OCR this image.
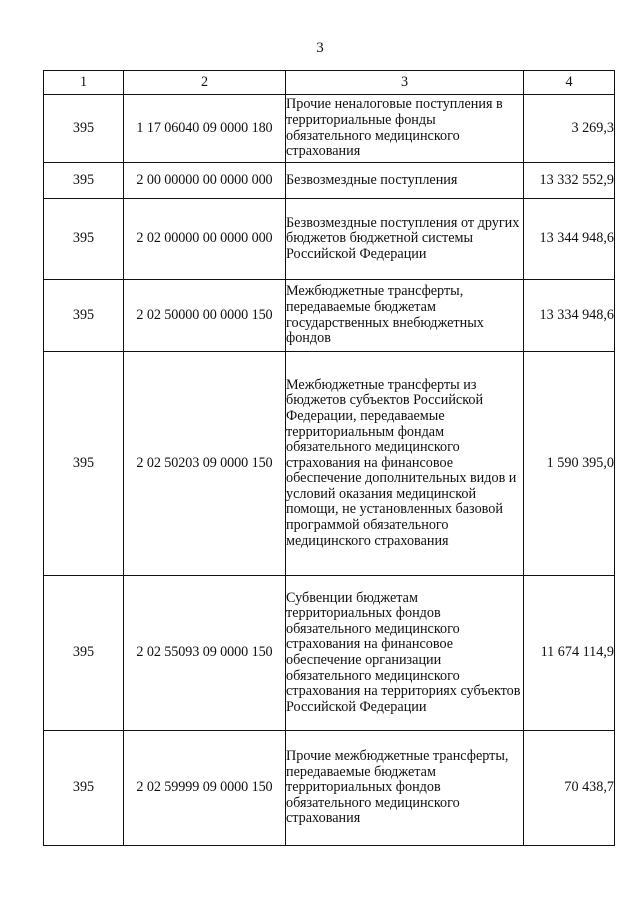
3
1	2	3	4
395	1 17 06040 09 0000 180	Прочие неналоговые поступления в территориальные фонды обязательного медицинского страхования	3 269,3
395	2 00 00000 00 0000 000	Безвозмездные поступления	13 332 552,9
395	2 02 00000 00 0000 000	Безвозмездные поступления от других бюджетов бюджетной системы Российской Федерации	13 344 948,6
395	2 02 50000 00 0000 150	Межбюджетные трансферты, передаваемые бюджетам государственных внебюджетных фондов	13 334 948,6
395	2 02 50203 09 0000 150	Межбюджетные трансферты из бюджетов субъектов Российской Федерации, передаваемые территориальным фондам обязательного медицинского страхования на финансовое обеспечение дополнительных видов и условий оказания медицинской помощи, не установленных базовой программой обязательного медицинского страхования	1 590 395,0
395	2 02 55093 09 0000 150	Субвенции бюджетам территориальных фондов обязательного медицинского страхования на финансовое обеспечение организации обязательного медицинского страхования на территориях субъектов Российской Федерации	11 674 114,9
395	2 02 59999 09 0000 150	Прочие межбюджетные трансферты, передаваемые бюджетам территориальных фондов обязательного медицинского страхования	70 438,7
